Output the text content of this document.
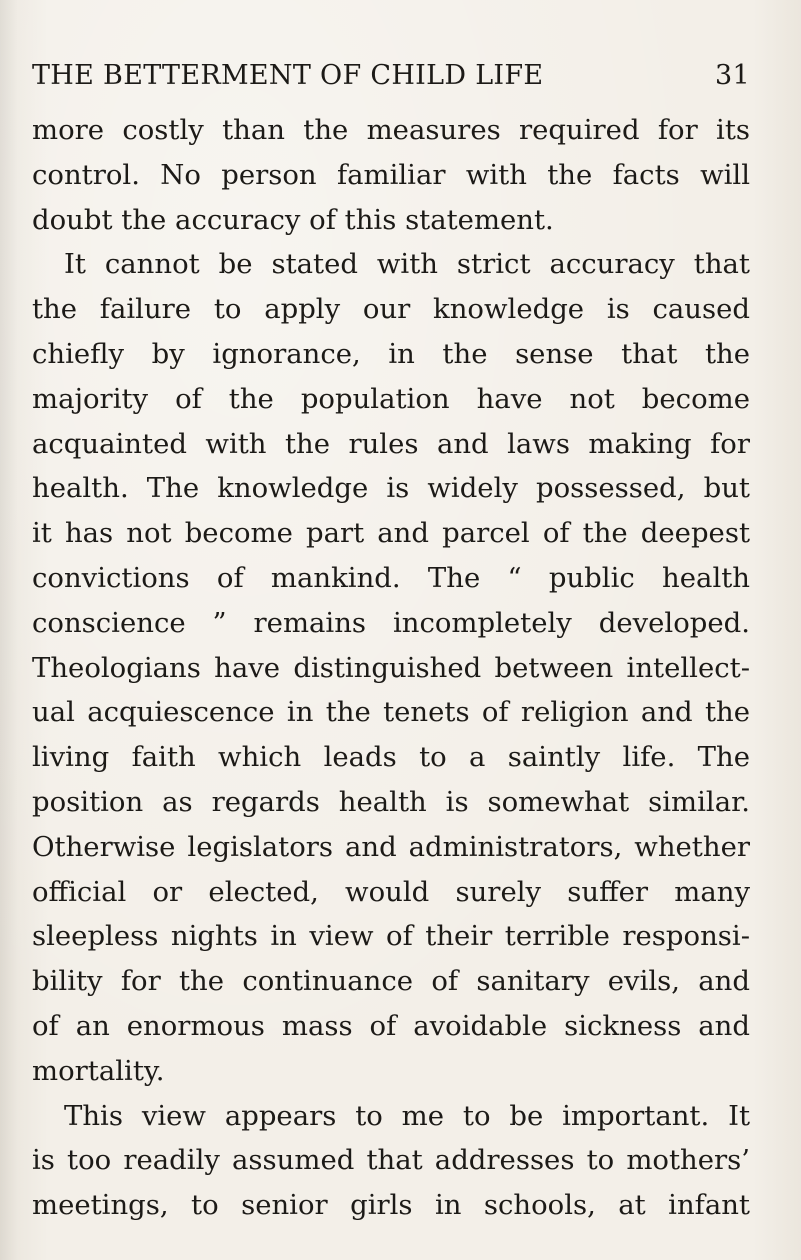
THE BETTERMENT OF CHILD LIFE	31
more costly than the measures required for its
control. No person familiar with the facts will
doubt the accuracy of this statement.
It cannot be stated with strict accuracy that
the failure to apply our knowledge is caused
chiefly by ignorance, in the sense that the
majority of the population have not become
acquainted with the rules and laws making for
health. The knowledge is widely possessed, but
it has not become part and parcel of the deepest
convictions of mankind. The “ public health
conscience ” remains incompletely developed.
Theologians have distinguished between intellect-
ual acquiescence in the tenets of religion and the
living faith which leads to a saintly life. The
position as regards health is somewhat similar.
Otherwise legislators and administrators, whether
official or elected, would surely suffer many
sleepless nights in view of their terrible responsi-
bility for the continuance of sanitary evils, and
of an enormous mass of avoidable sickness and
mortality.
This view appears to me to be important. It
is too readily assumed that addresses to mothers’
meetings, to senior girls in schools, at infant
